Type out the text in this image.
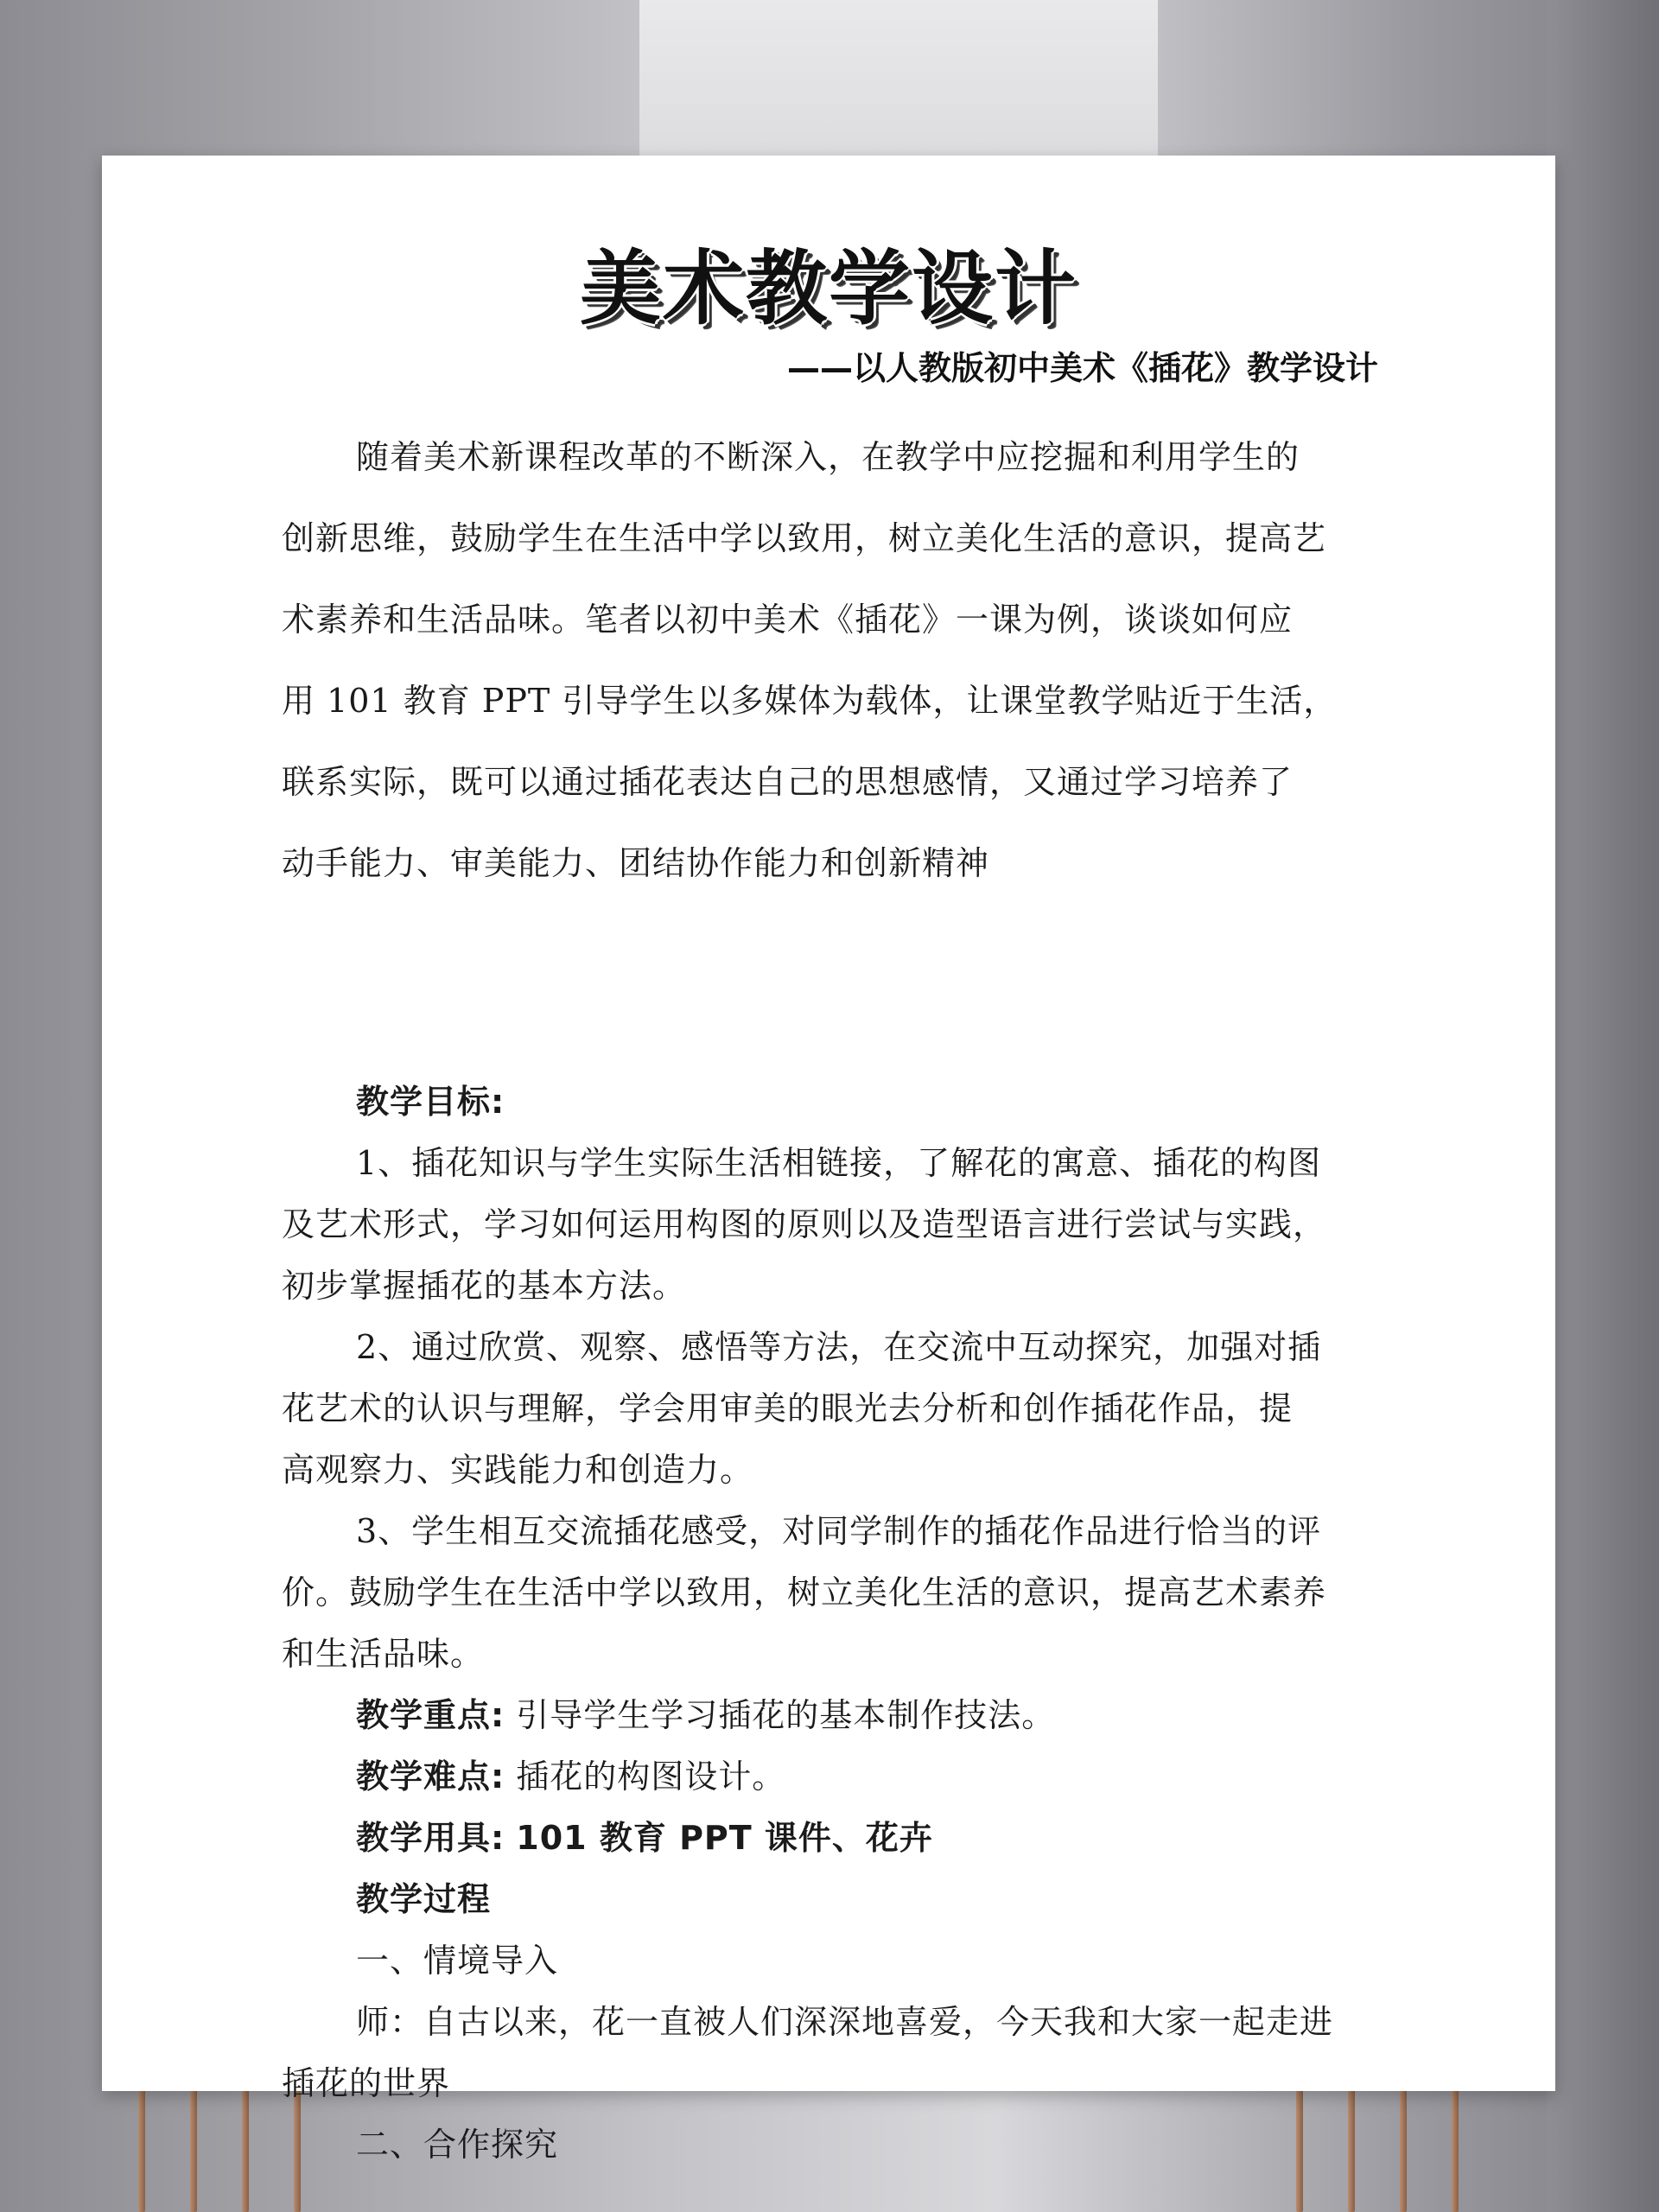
美术教学设计
——以人教版初中美术《插花》教学设计
随着美术新课程改革的不断深入，在教学中应挖掘和利用学生的
创新思维，鼓励学生在生活中学以致用，树立美化生活的意识，提高艺
术素养和生活品味。笔者以初中美术《插花》一课为例，谈谈如何应
用 101 教育 PPT 引导学生以多媒体为载体，让课堂教学贴近于生活，
联系实际，既可以通过插花表达自己的思想感情，又通过学习培养了
动手能力、审美能力、团结协作能力和创新精神
教学目标:
1、插花知识与学生实际生活相链接，了解花的寓意、插花的构图
及艺术形式，学习如何运用构图的原则以及造型语言进行尝试与实践，
初步掌握插花的基本方法。
2、通过欣赏、观察、感悟等方法，在交流中互动探究，加强对插
花艺术的认识与理解，学会用审美的眼光去分析和创作插花作品，提
高观察力、实践能力和创造力。
3、学生相互交流插花感受，对同学制作的插花作品进行恰当的评
价。鼓励学生在生活中学以致用，树立美化生活的意识，提高艺术素养
和生活品味。
教学重点: 引导学生学习插花的基本制作技法。
教学难点: 插花的构图设计。
教学用具: 101 教育 PPT 课件、花卉
教学过程
一、情境导入
师：自古以来，花一直被人们深深地喜爱，今天我和大家一起走进
插花的世界
二、合作探究
